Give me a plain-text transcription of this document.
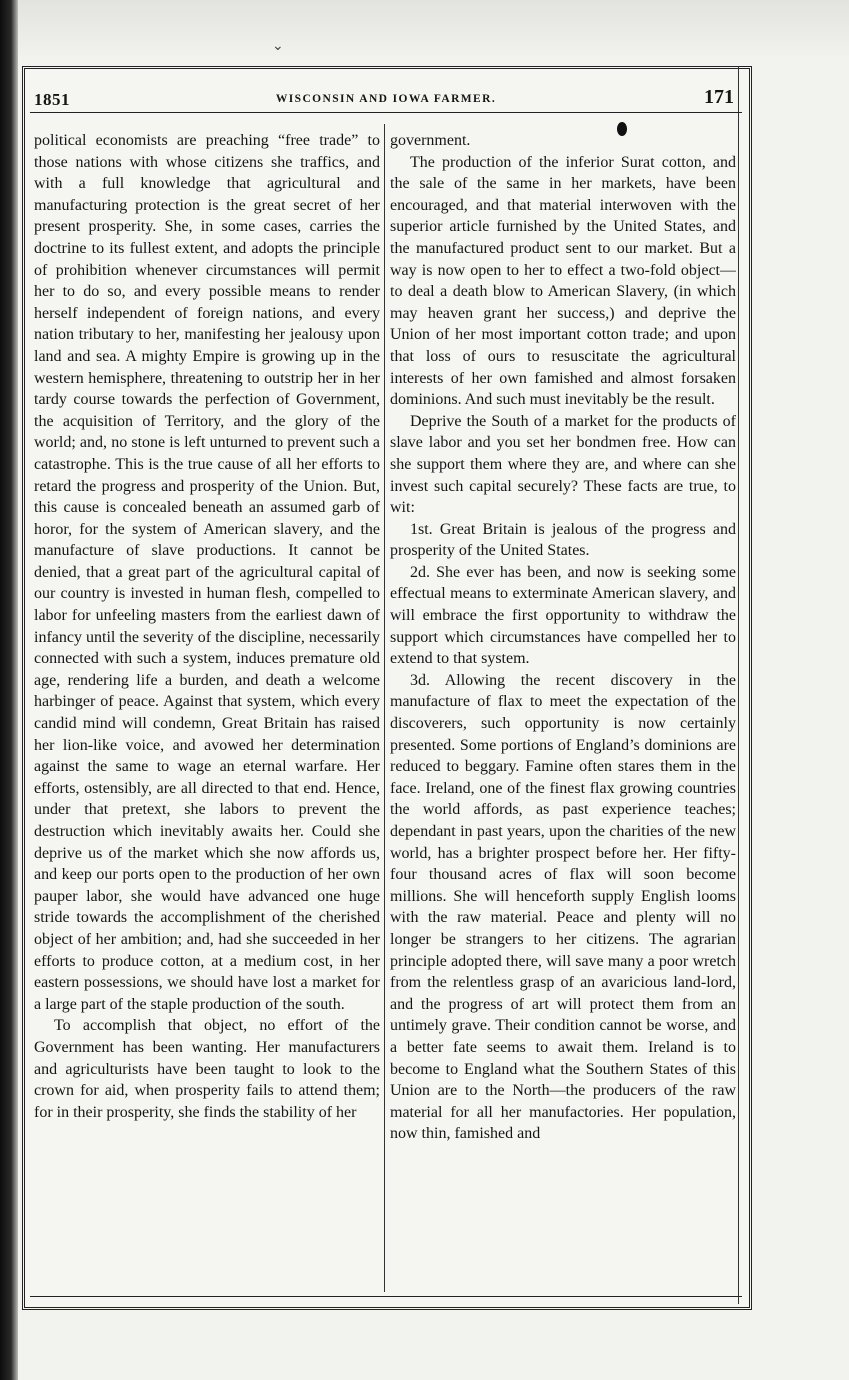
⌄
1851	WISCONSIN AND IOWA FARMER.	171

political economists are preaching “free trade” to those nations with whose citizens she traffics, and with a full knowledge that agricultural and manufacturing protection is the great secret of her present prosperity. She, in some cases, carries the doctrine to its fullest extent, and adopts the principle of prohibition whenever circumstances will permit her to do so, and every possible means to render herself independent of foreign nations, and every nation tributary to her, manifesting her jealousy upon land and sea. A mighty Empire is growing up in the western hemisphere, threatening to outstrip her in her tardy course towards the perfection of Government, the acquisition of Territory, and the glory of the world; and, no stone is left unturned to prevent such a catastrophe. This is the true cause of all her efforts to retard the progress and prosperity of the Union. But, this cause is concealed beneath an assumed garb of horor, for the system of American slavery, and the manufacture of slave productions. It cannot be denied, that a great part of the agricultural capital of our country is invested in human flesh, compelled to labor for unfeeling masters from the earliest dawn of infancy until the severity of the discipline, necessarily connected with such a system, induces premature old age, rendering life a burden, and death a welcome harbinger of peace. Against that system, which every candid mind will condemn, Great Britain has raised her lion-like voice, and avowed her determination against the same to wage an eternal warfare. Her efforts, ostensibly, are all directed to that end. Hence, under that pretext, she labors to prevent the destruction which inevitably awaits her. Could she deprive us of the market which she now affords us, and keep our ports open to the production of her own pauper labor, she would have advanced one huge stride towards the accomplishment of the cherished object of her ambition; and, had she succeeded in her efforts to produce cotton, at a medium cost, in her eastern possessions, we should have lost a market for a large part of the staple production of the south.

To accomplish that object, no effort of the Government has been wanting. Her manufacturers and agriculturists have been taught to look to the crown for aid, when prosperity fails to attend them; for in their prosperity, she finds the stability of her

government.

The production of the inferior Surat cotton, and the sale of the same in her markets, have been encouraged, and that material interwoven with the superior article furnished by the United States, and the manufactured product sent to our market. But a way is now open to her to effect a two-fold object—to deal a death blow to American Slavery, (in which may heaven grant her success,) and deprive the Union of her most important cotton trade; and upon that loss of ours to resuscitate the agricultural interests of her own famished and almost forsaken dominions. And such must inevitably be the result.

Deprive the South of a market for the products of slave labor and you set her bondmen free. How can she support them where they are, and where can she invest such capital securely? These facts are true, to wit:

1st. Great Britain is jealous of the progress and prosperity of the United States.

2d. She ever has been, and now is seeking some effectual means to exterminate American slavery, and will embrace the first opportunity to withdraw the support which circumstances have compelled her to extend to that system.

3d. Allowing the recent discovery in the manufacture of flax to meet the expectation of the discoverers, such opportunity is now certainly presented. Some portions of England’s dominions are reduced to beggary. Famine often stares them in the face. Ireland, one of the finest flax growing countries the world affords, as past experience teaches; dependant in past years, upon the charities of the new world, has a brighter prospect before her. Her fifty-four thousand acres of flax will soon become millions. She will henceforth supply English looms with the raw material. Peace and plenty will no longer be strangers to her citizens. The agrarian principle adopted there, will save many a poor wretch from the relentless grasp of an avaricious land-lord, and the progress of art will protect them from an untimely grave. Their condition cannot be worse, and a better fate seems to await them. Ireland is to become to England what the Southern States of this Union are to the North—the producers of the raw material for all her manufactories. Her population, now thin, famished and
